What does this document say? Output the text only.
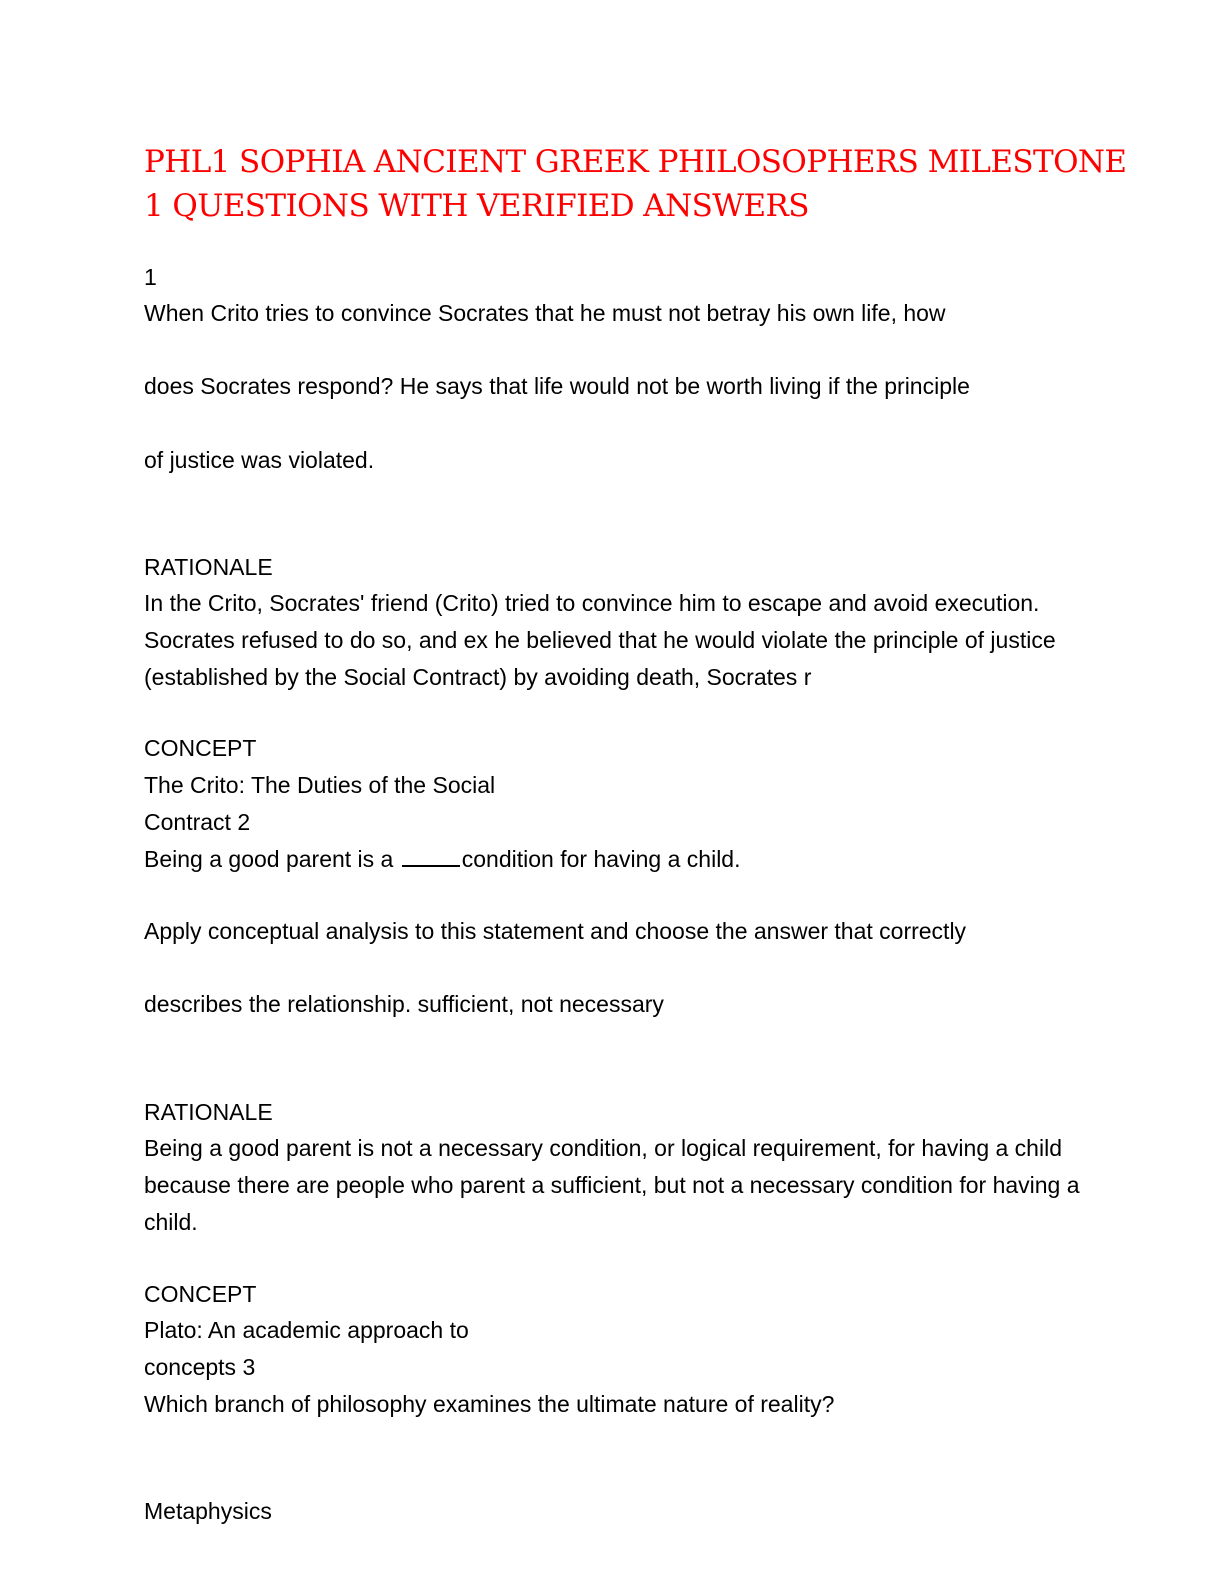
PHL1 SOPHIA ANCIENT GREEK PHILOSOPHERS MILESTONE 1 QUESTIONS WITH VERIFIED ANSWERS

1

When Crito tries to convince Socrates that he must not betray his own life, how

does Socrates respond? He says that life would not be worth living if the principle

of justice was violated.

RATIONALE

In the Crito, Socrates' friend (Crito) tried to convince him to escape and avoid execution.

Socrates refused to do so, and ex he believed that he would violate the principle of justice

(established by the Social Contract) by avoiding death, Socrates r

CONCEPT

The Crito: The Duties of the Social

Contract 2

Being a good parent is a	condition for having a child.

Apply conceptual analysis to this statement and choose the answer that correctly

describes the relationship. sufficient, not necessary

RATIONALE

Being a good parent is not a necessary condition, or logical requirement, for having a child

because there are people who parent a sufficient, but not a necessary condition for having a

child.

CONCEPT

Plato: An academic approach to

concepts 3

Which branch of philosophy examines the ultimate nature of reality?

Metaphysics
